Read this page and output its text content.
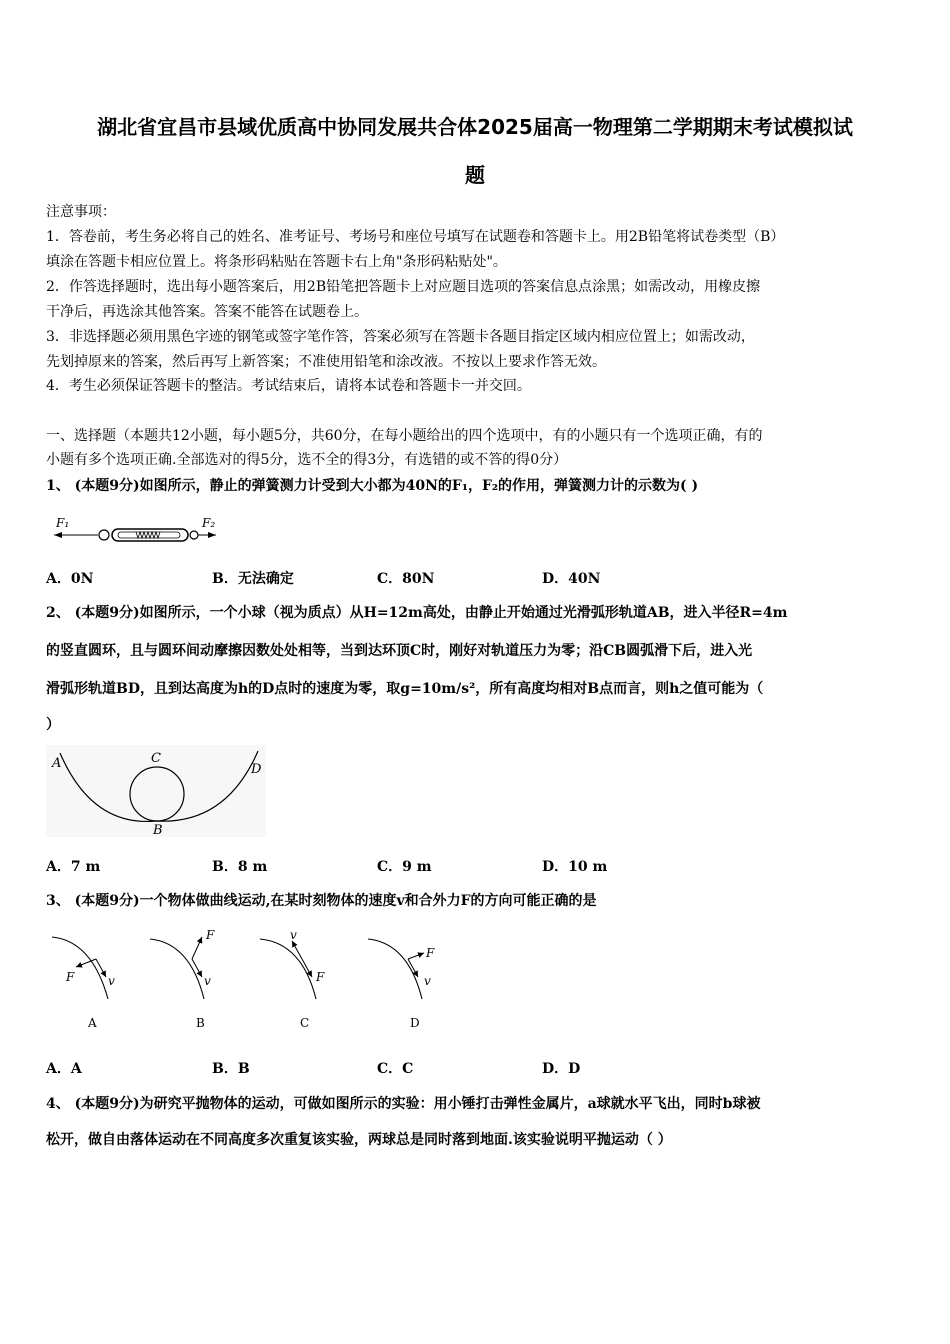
湖北省宜昌市县域优质高中协同发展共合体2025届高一物理第二学期期末考试模拟试
题
注意事项：
1．答卷前，考生务必将自己的姓名、准考证号、考场号和座位号填写在试题卷和答题卡上。用2B铅笔将试卷类型（B）
填涂在答题卡相应位置上。将条形码粘贴在答题卡右上角"条形码粘贴处"。
2．作答选择题时，选出每小题答案后，用2B铅笔把答题卡上对应题目选项的答案信息点涂黑；如需改动，用橡皮擦
干净后，再选涂其他答案。答案不能答在试题卷上。
3．非选择题必须用黑色字迹的钢笔或签字笔作答，答案必须写在答题卡各题目指定区域内相应位置上；如需改动，
先划掉原来的答案，然后再写上新答案；不准使用铅笔和涂改液。不按以上要求作答无效。
4．考生必须保证答题卡的整洁。考试结束后，请将本试卷和答题卡一并交回。
一、选择题（本题共12小题，每小题5分，共60分，在每小题给出的四个选项中，有的小题只有一个选项正确，有的
小题有多个选项正确.全部选对的得5分，选不全的得3分，有选错的或不答的得0分）
1、 (本题9分)如图所示，静止的弹簧测力计受到大小都为40N的F₁，F₂的作用，弹簧测力计的示数为( )
F₁	F₂
A．0N	B．无法确定	C．80N	D．40N
2、 (本题9分)如图所示，一个小球（视为质点）从H=12m高处，由静止开始通过光滑弧形轨道AB，进入半径R=4m
的竖直圆环，且与圆环间动摩擦因数处处相等，当到达环顶C时，刚好对轨道压力为零；沿CB圆弧滑下后，进入光
滑弧形轨道BD，且到达高度为h的D点时的速度为零，取g=10m/s²，所有高度均相对B点而言，则h之值可能为（
）
A	C
D
B
A．7 m	B．8 m	C．9 m	D．10 m
3、 (本题9分)一个物体做曲线运动,在某时刻物体的速度v和合外力F的方向可能正确的是
F	v
A
F
v
B
v
F
C
F
v
D
A．A	B．B	C．C	D．D
4、 (本题9分)为研究平抛物体的运动，可做如图所示的实验：用小锤打击弹性金属片，a球就水平飞出，同时b球被
松开，做自由落体运动在不同高度多次重复该实验，两球总是同时落到地面.该实验说明平抛运动（ ）
